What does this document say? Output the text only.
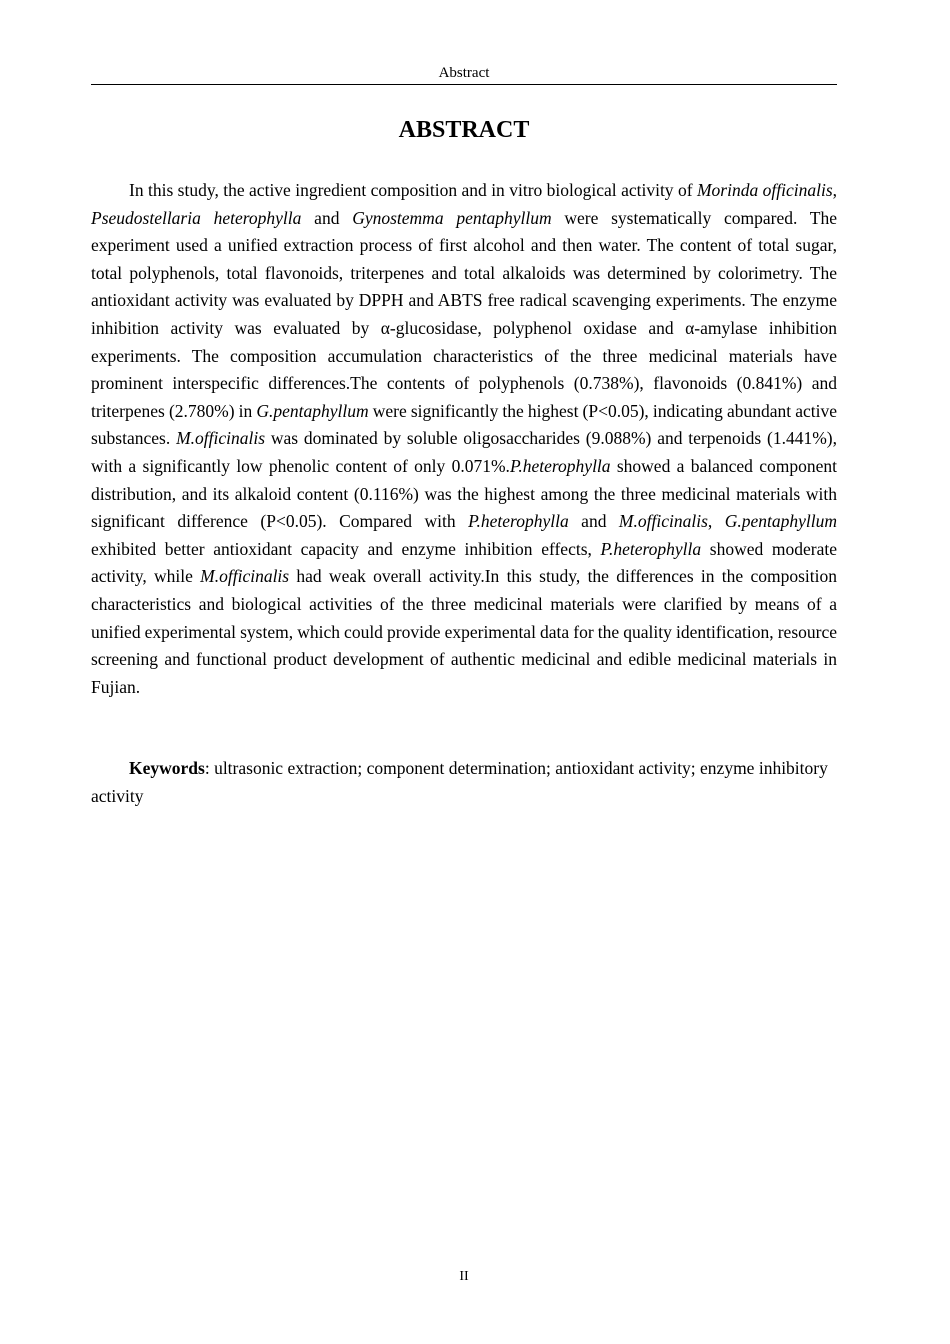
Abstract
ABSTRACT

In this study, the active ingredient composition and in vitro biological activity of Morinda officinalis, Pseudostellaria heterophylla and Gynostemma pentaphyllum were systematically compared. The experiment used a unified extraction process of first alcohol and then water. The content of total sugar, total polyphenols, total flavonoids, triterpenes and total alkaloids was determined by colorimetry. The antioxidant activity was evaluated by DPPH and ABTS free radical scavenging experiments. The enzyme inhibition activity was evaluated by α-glucosidase, polyphenol oxidase and α-amylase inhibition experiments. The composition accumulation characteristics of the three medicinal materials have prominent interspecific differences.The contents of polyphenols (0.738%), flavonoids (0.841%) and triterpenes (2.780%) in G.pentaphyllum were significantly the highest (P<0.05), indicating abundant active substances. M.officinalis was dominated by soluble oligosaccharides (9.088%) and terpenoids (1.441%), with a significantly low phenolic content of only 0.071%.P.heterophylla showed a balanced component distribution, and its alkaloid content (0.116%) was the highest among the three medicinal materials with significant difference (P<0.05). Compared with P.heterophylla and M.officinalis, G.pentaphyllum exhibited better antioxidant capacity and enzyme inhibition effects, P.heterophylla showed moderate activity, while M.officinalis had weak overall activity.In this study, the differences in the composition characteristics and biological activities of the three medicinal materials were clarified by means of a unified experimental system, which could provide experimental data for the quality identification, resource screening and functional product development of authentic medicinal and edible medicinal materials in Fujian.

Keywords: ultrasonic extraction; component determination; antioxidant activity; enzyme inhibitory activity

II
